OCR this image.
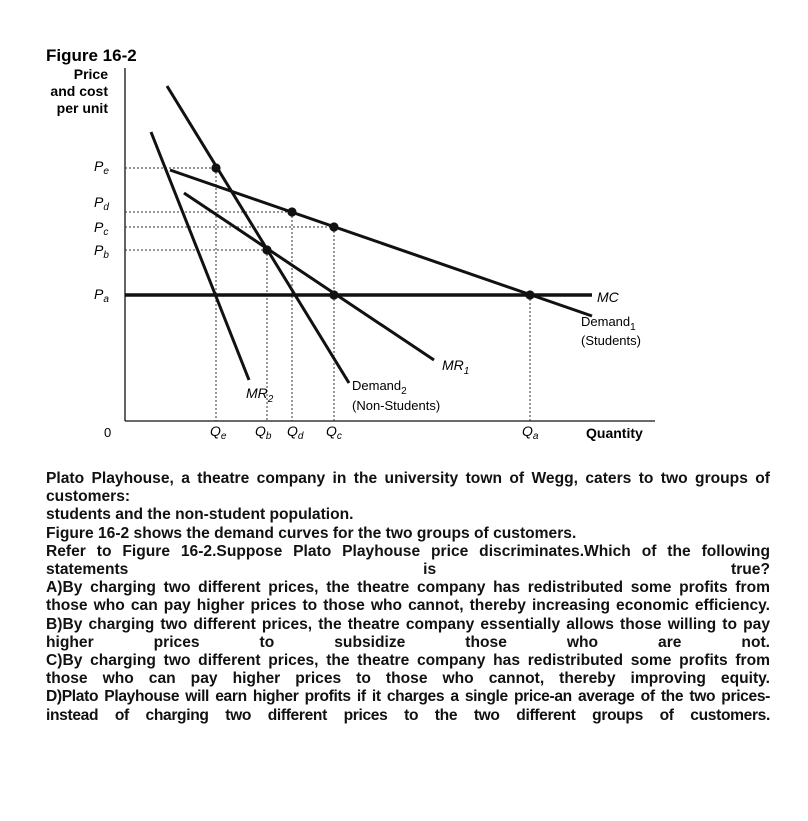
Figure 16-2
Price
and cost
per unit
$P_e$
$P_d$
$P_c$
$P_b$
$P_a$
0	$Q_e$ $Q_b$ $Q_d$ $Q_c$	$Q_a$	Quantity
MC
Demand$_1$
(Students)
$MR_1$
Demand$_2$
(Non-Students)
$MR_2$

Plato Playhouse, a theatre company in the university town of Wegg, caters to two groups of customers:

students and the non-student population.

Figure 16-2 shows the demand curves for the two groups of customers.

Refer to Figure 16-2.Suppose Plato Playhouse price discriminates.Which of the following statements is true?

A)By charging two different prices, the theatre company has redistributed some profits from those who can pay higher prices to those who cannot, thereby increasing economic efficiency.

B)By charging two different prices, the theatre company essentially allows those willing to pay higher prices to subsidize those who are not.

C)By charging two different prices, the theatre company has redistributed some profits from those who can pay higher prices to those who cannot, thereby improving equity.

D)Plato Playhouse will earn higher profits if it charges a single price-an average of the two prices- instead of charging two different prices to the two different groups of customers.
